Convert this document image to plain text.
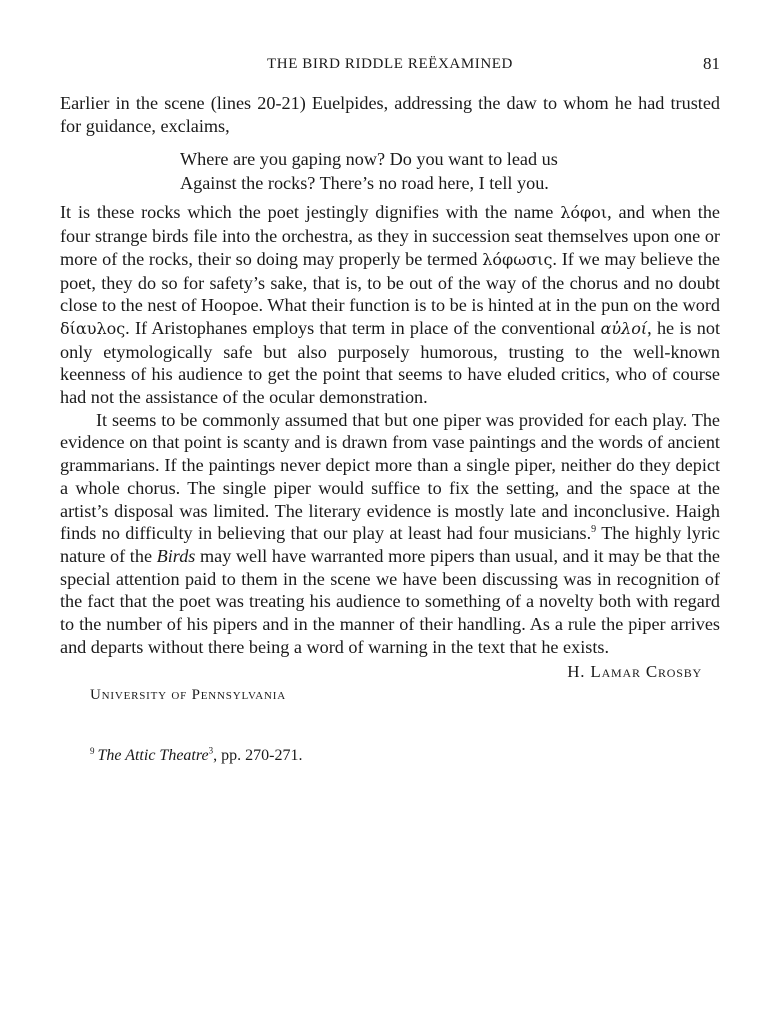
THE BIRD RIDDLE REËXAMINED	81

Earlier in the scene (lines 20-21) Euelpides, addressing the daw to whom he had trusted for guidance, exclaims,

Where are you gaping now? Do you want to lead us
Against the rocks? There’s no road here, I tell you.

It is these rocks which the poet jestingly dignifies with the name λόφοι, and when the four strange birds file into the orchestra, as they in succession seat themselves upon one or more of the rocks, their so doing may properly be termed λόφωσις. If we may believe the poet, they do so for safety’s sake, that is, to be out of the way of the chorus and no doubt close to the nest of Hoopoe. What their function is to be is hinted at in the pun on the word δίαυλος. If Aristophanes employs that term in place of the conventional αὐλοί, he is not only etymologically safe but also purposely humorous, trusting to the well-known keenness of his audience to get the point that seems to have eluded critics, who of course had not the assistance of the ocular demonstration.

It seems to be commonly assumed that but one piper was provided for each play. The evidence on that point is scanty and is drawn from vase paintings and the words of ancient grammarians. If the paintings never depict more than a single piper, neither do they depict a whole chorus. The single piper would suffice to fix the setting, and the space at the artist’s disposal was limited. The literary evidence is mostly late and inconclusive. Haigh finds no difficulty in believing that our play at least had four musicians.$^9$ The highly lyric nature of the Birds may well have warranted more pipers than usual, and it may be that the special attention paid to them in the scene we have been discussing was in recognition of the fact that the poet was treating his audience to something of a novelty both with regard to the number of his pipers and in the manner of their handling. As a rule the piper arrives and departs without there being a word of warning in the text that he exists.

H. Lamar Crosby
University of Pennsylvania
$^9$ The Attic Theatre$^3$, pp. 270-271.
